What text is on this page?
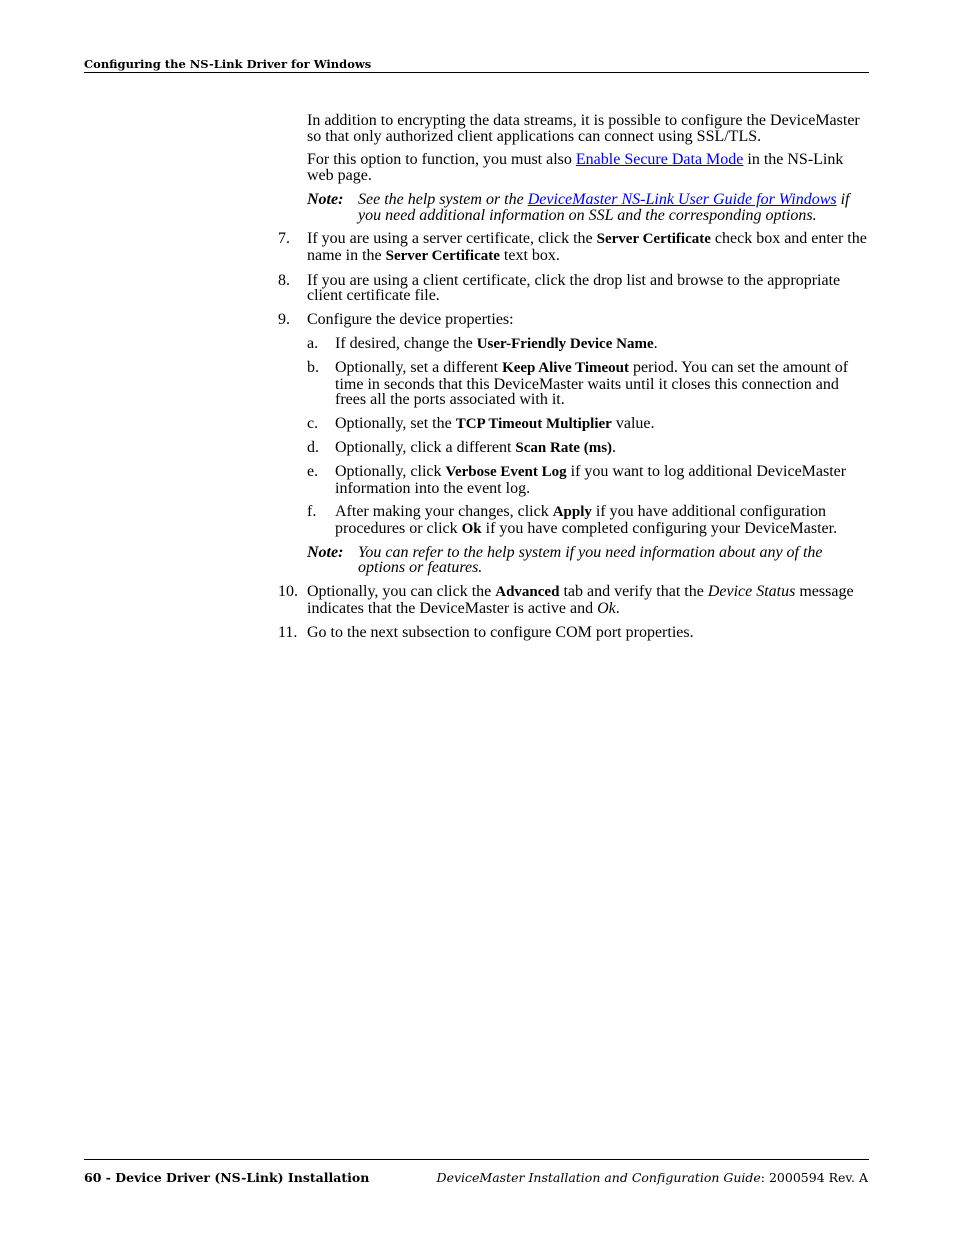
Configuring the NS-Link Driver for Windows

In addition to encrypting the data streams, it is possible to configure the DeviceMaster so that only authorized client applications can connect using SSL/TLS.

For this option to function, you must also Enable Secure Data Mode in the NS-Link web page.

Note: See the help system or the DeviceMaster NS-Link User Guide for Windows if you need additional information on SSL and the corresponding options.
7. If you are using a server certificate, click the Server Certificate check box and enter the name in the Server Certificate text box.
8. If you are using a client certificate, click the drop list and browse to the appropriate client certificate file.
9. Configure the device properties:
a. If desired, change the User-Friendly Device Name.
b. Optionally, set a different Keep Alive Timeout period. You can set the amount of time in seconds that this DeviceMaster waits until it closes this connection and frees all the ports associated with it.
c. Optionally, set the TCP Timeout Multiplier value.
d. Optionally, click a different Scan Rate (ms).
e. Optionally, click Verbose Event Log if you want to log additional DeviceMaster information into the event log.
f. After making your changes, click Apply if you have additional configuration procedures or click Ok if you have completed configuring your DeviceMaster.
Note: You can refer to the help system if you need information about any of the options or features.
10. Optionally, you can click the Advanced tab and verify that the Device Status message indicates that the DeviceMaster is active and Ok.
11. Go to the next subsection to configure COM port properties.
60 - Device Driver (NS-Link) Installation	DeviceMaster Installation and Configuration Guide: 2000594 Rev. A
